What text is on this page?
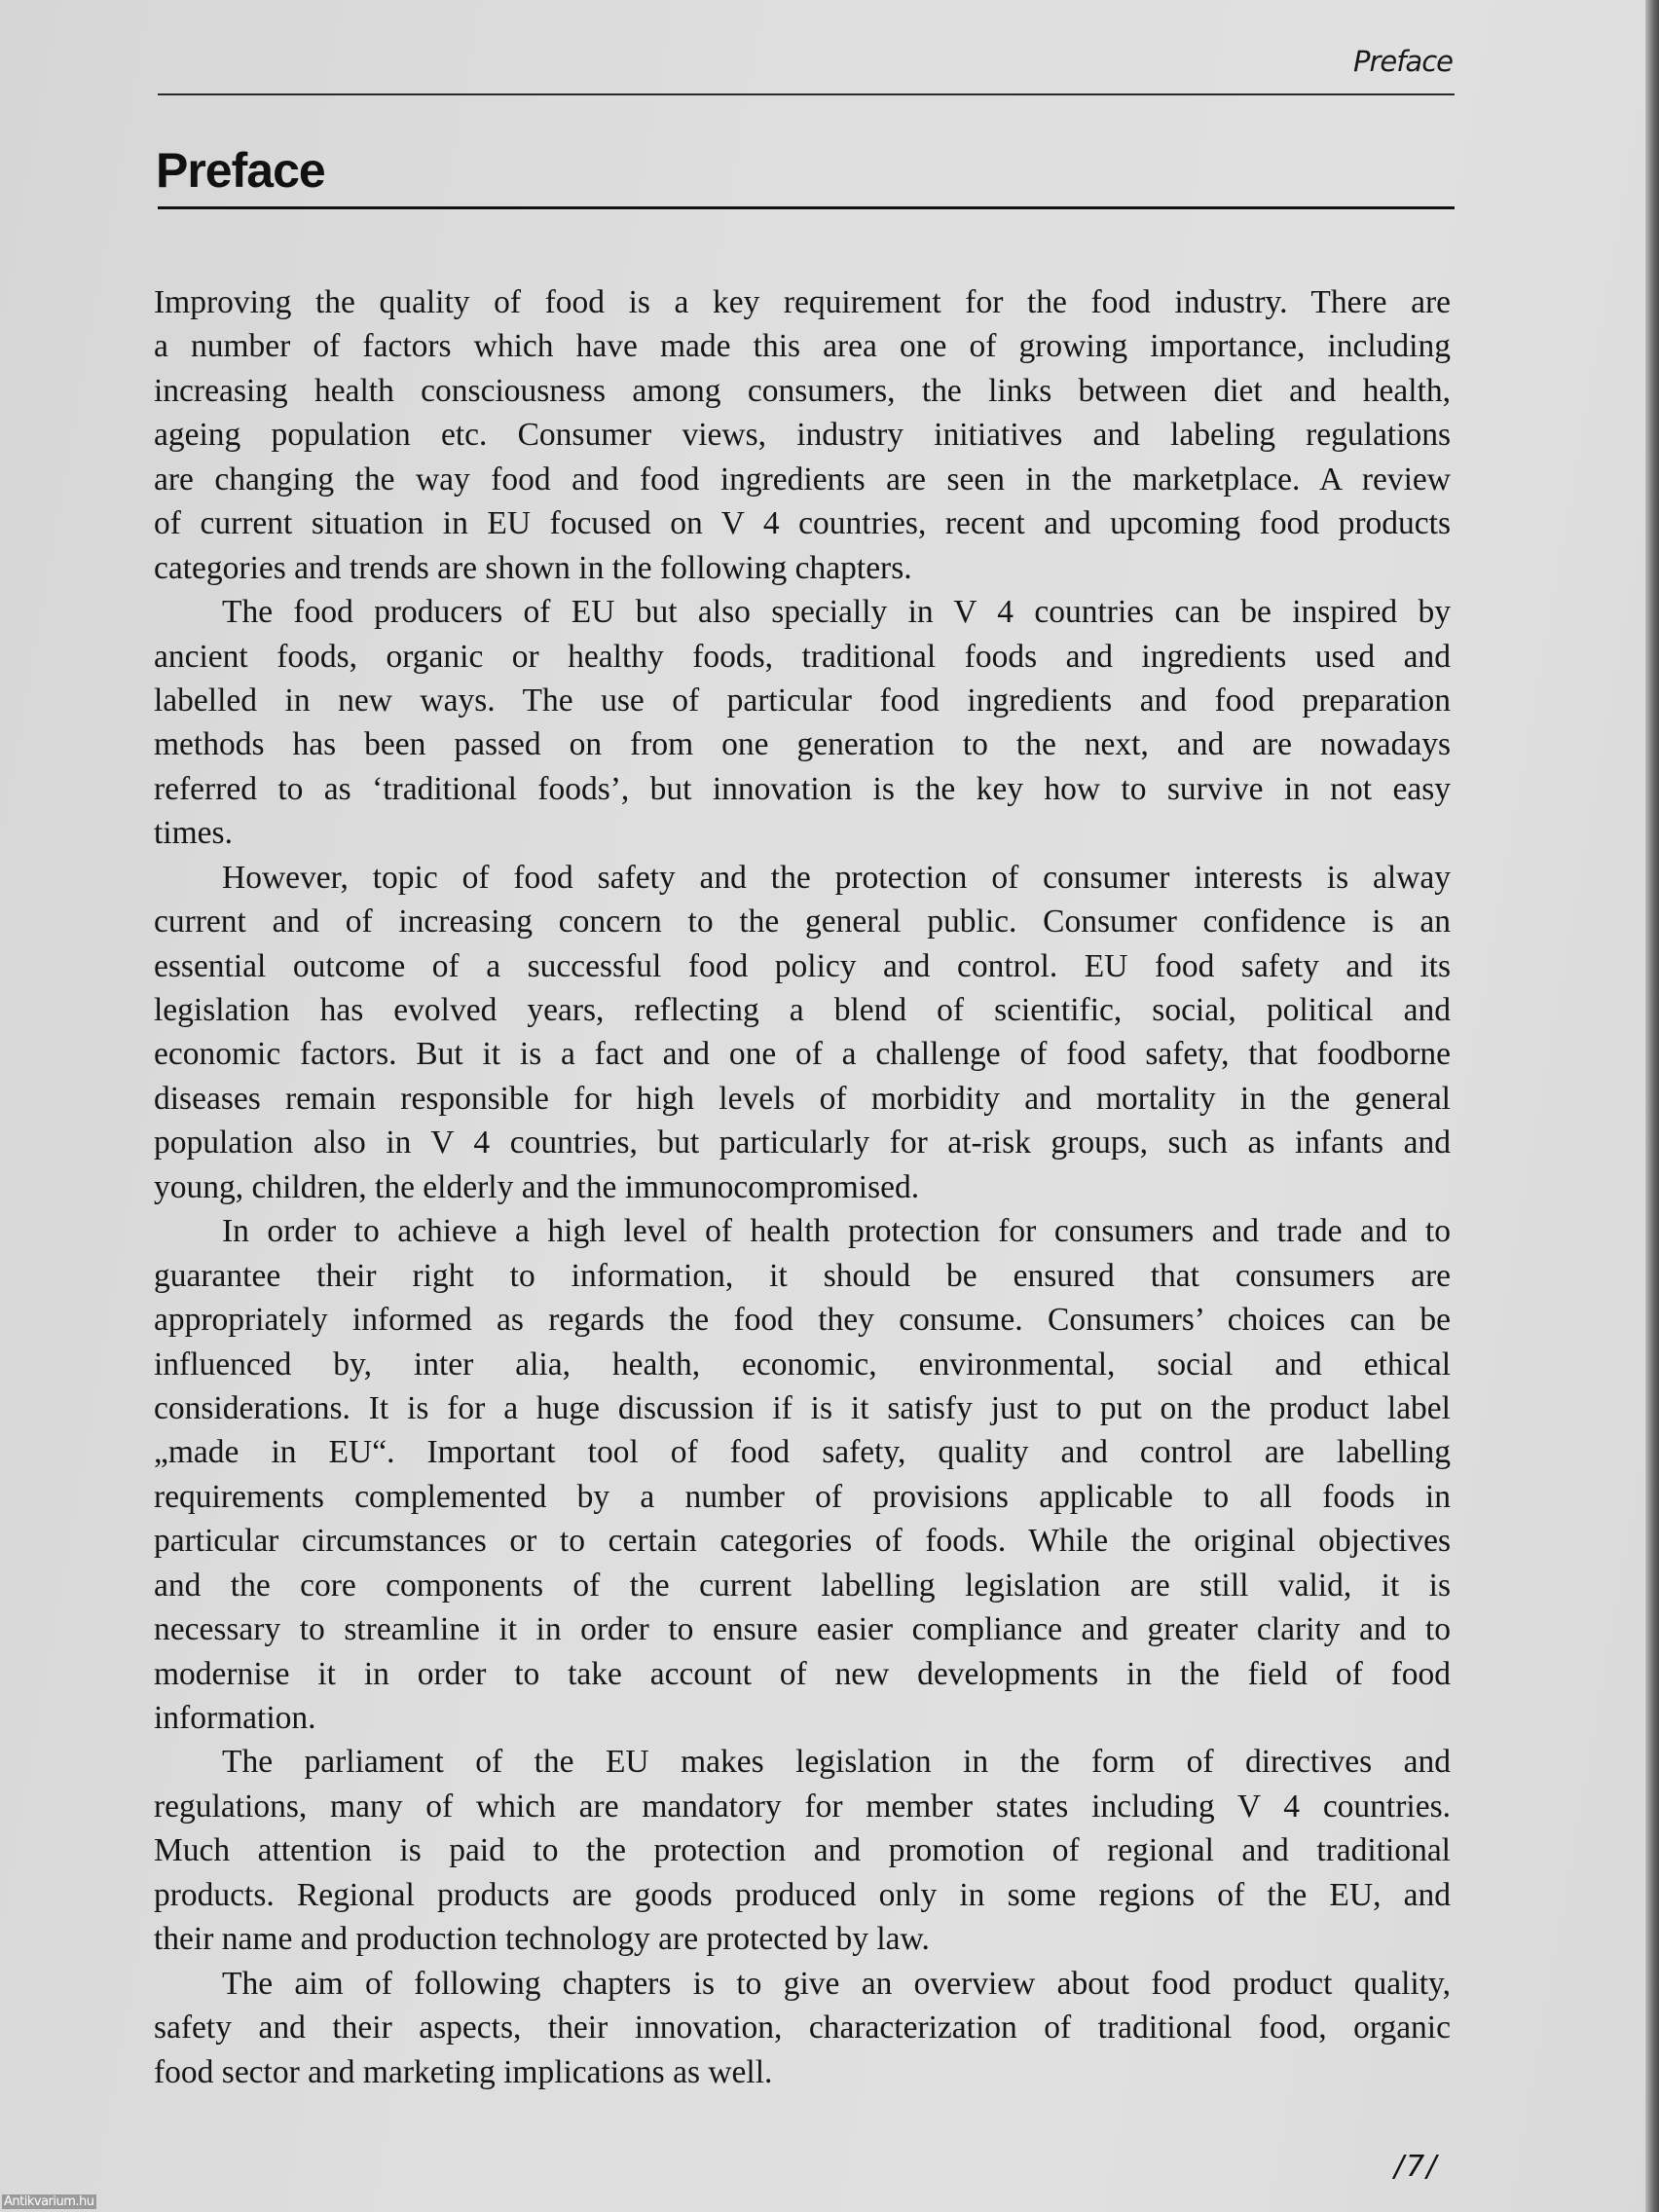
Preface
Preface
Improving the quality of food is a key requirement for the food industry. There are
a number of factors which have made this area one of growing importance, including
increasing health consciousness among consumers, the links between diet and health,
ageing population etc. Consumer views, industry initiatives and labeling regulations
are changing the way food and food ingredients are seen in the marketplace. A review
of current situation in EU focused on V 4 countries, recent and upcoming food products
categories and trends are shown in the following chapters.
The food producers of EU but also specially in V 4 countries can be inspired by
ancient foods, organic or healthy foods, traditional foods and ingredients used and
labelled in new ways. The use of particular food ingredients and food preparation
methods has been passed on from one generation to the next, and are nowadays
referred to as ‘traditional foods’, but innovation is the key how to survive in not easy
times.
However, topic of food safety and the protection of consumer interests is alway
current and of increasing concern to the general public. Consumer confidence is an
essential outcome of a successful food policy and control. EU food safety and its
legislation has evolved years, reflecting a blend of scientific, social, political and
economic factors. But it is a fact and one of a challenge of food safety, that foodborne
diseases remain responsible for high levels of morbidity and mortality in the general
population also in V 4 countries, but particularly for at-risk groups, such as infants and
young, children, the elderly and the immunocompromised.
In order to achieve a high level of health protection for consumers and trade and to
guarantee their right to information, it should be ensured that consumers are
appropriately informed as regards the food they consume. Consumers’ choices can be
influenced by, inter alia, health, economic, environmental, social and ethical
considerations. It is for a huge discussion if is it satisfy just to put on the product label
„made in EU“. Important tool of food safety, quality and control are labelling
requirements complemented by a number of provisions applicable to all foods in
particular circumstances or to certain categories of foods. While the original objectives
and the core components of the current labelling legislation are still valid, it is
necessary to streamline it in order to ensure easier compliance and greater clarity and to
modernise it in order to take account of new developments in the field of food
information.
The parliament of the EU makes legislation in the form of directives and
regulations, many of which are mandatory for member states including V 4 countries.
Much attention is paid to the protection and promotion of regional and traditional
products. Regional products are goods produced only in some regions of the EU, and
their name and production technology are protected by law.
The aim of following chapters is to give an overview about food product quality,
safety and their aspects, their innovation, characterization of traditional food, organic
food sector and marketing implications as well.
/7/
Antikvarium.hu
